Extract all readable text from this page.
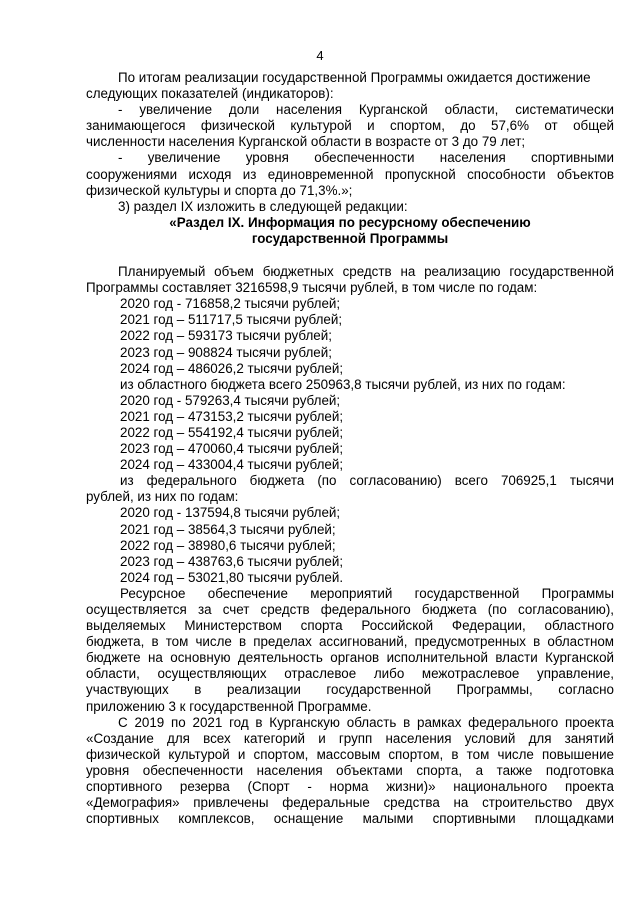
4
По итогам реализации государственной Программы ожидается достижение
следующих показателей (индикаторов):
- увеличение доли населения Курганской области, систематически
занимающегося физической культурой и спортом, до 57,6% от общей
численности населения Курганской области в возрасте от 3 до 79 лет;
- увеличение уровня обеспеченности населения спортивными
сооружениями исходя из единовременной пропускной способности объектов
физической культуры и спорта до 71,3%.»;
3) раздел IX изложить в следующей редакции:
«Раздел IX. Информация по ресурсному обеспечению
государственной Программы
Планируемый объем бюджетных средств на реализацию государственной
Программы составляет 3216598,9 тысячи рублей, в том числе по годам:
2020 год - 716858,2 тысячи рублей;
2021 год – 511717,5 тысячи рублей;
2022 год – 593173 тысячи рублей;
2023 год – 908824 тысячи рублей;
2024 год – 486026,2 тысячи рублей;
из областного бюджета всего 250963,8 тысячи рублей, из них по годам:
2020 год - 579263,4 тысячи рублей;
2021 год – 473153,2 тысячи рублей;
2022 год – 554192,4 тысячи рублей;
2023 год – 470060,4 тысячи рублей;
2024 год – 433004,4 тысячи рублей;
из федерального бюджета (по согласованию) всего 706925,1 тысячи
рублей, из них по годам:
2020 год - 137594,8 тысячи рублей;
2021 год – 38564,3 тысячи рублей;
2022 год – 38980,6 тысячи рублей;
2023 год – 438763,6 тысячи рублей;
2024 год – 53021,80 тысячи рублей.
Ресурсное обеспечение мероприятий государственной Программы
осуществляется за счет средств федерального бюджета (по согласованию),
выделяемых Министерством спорта Российской Федерации, областного
бюджета, в том числе в пределах ассигнований, предусмотренных в областном
бюджете на основную деятельность органов исполнительной власти Курганской
области, осуществляющих отраслевое либо межотраслевое управление,
участвующих в реализации государственной Программы, согласно
приложению 3 к государственной Программе.
С 2019 по 2021 год в Курганскую область в рамках федерального проекта
«Создание для всех категорий и групп населения условий для занятий
физической культурой и спортом, массовым спортом, в том числе повышение
уровня обеспеченности населения объектами спорта, а также подготовка
спортивного резерва (Спорт - норма жизни)» национального проекта
«Демография» привлечены федеральные средства на строительство двух
спортивных комплексов, оснащение малыми спортивными площадками
